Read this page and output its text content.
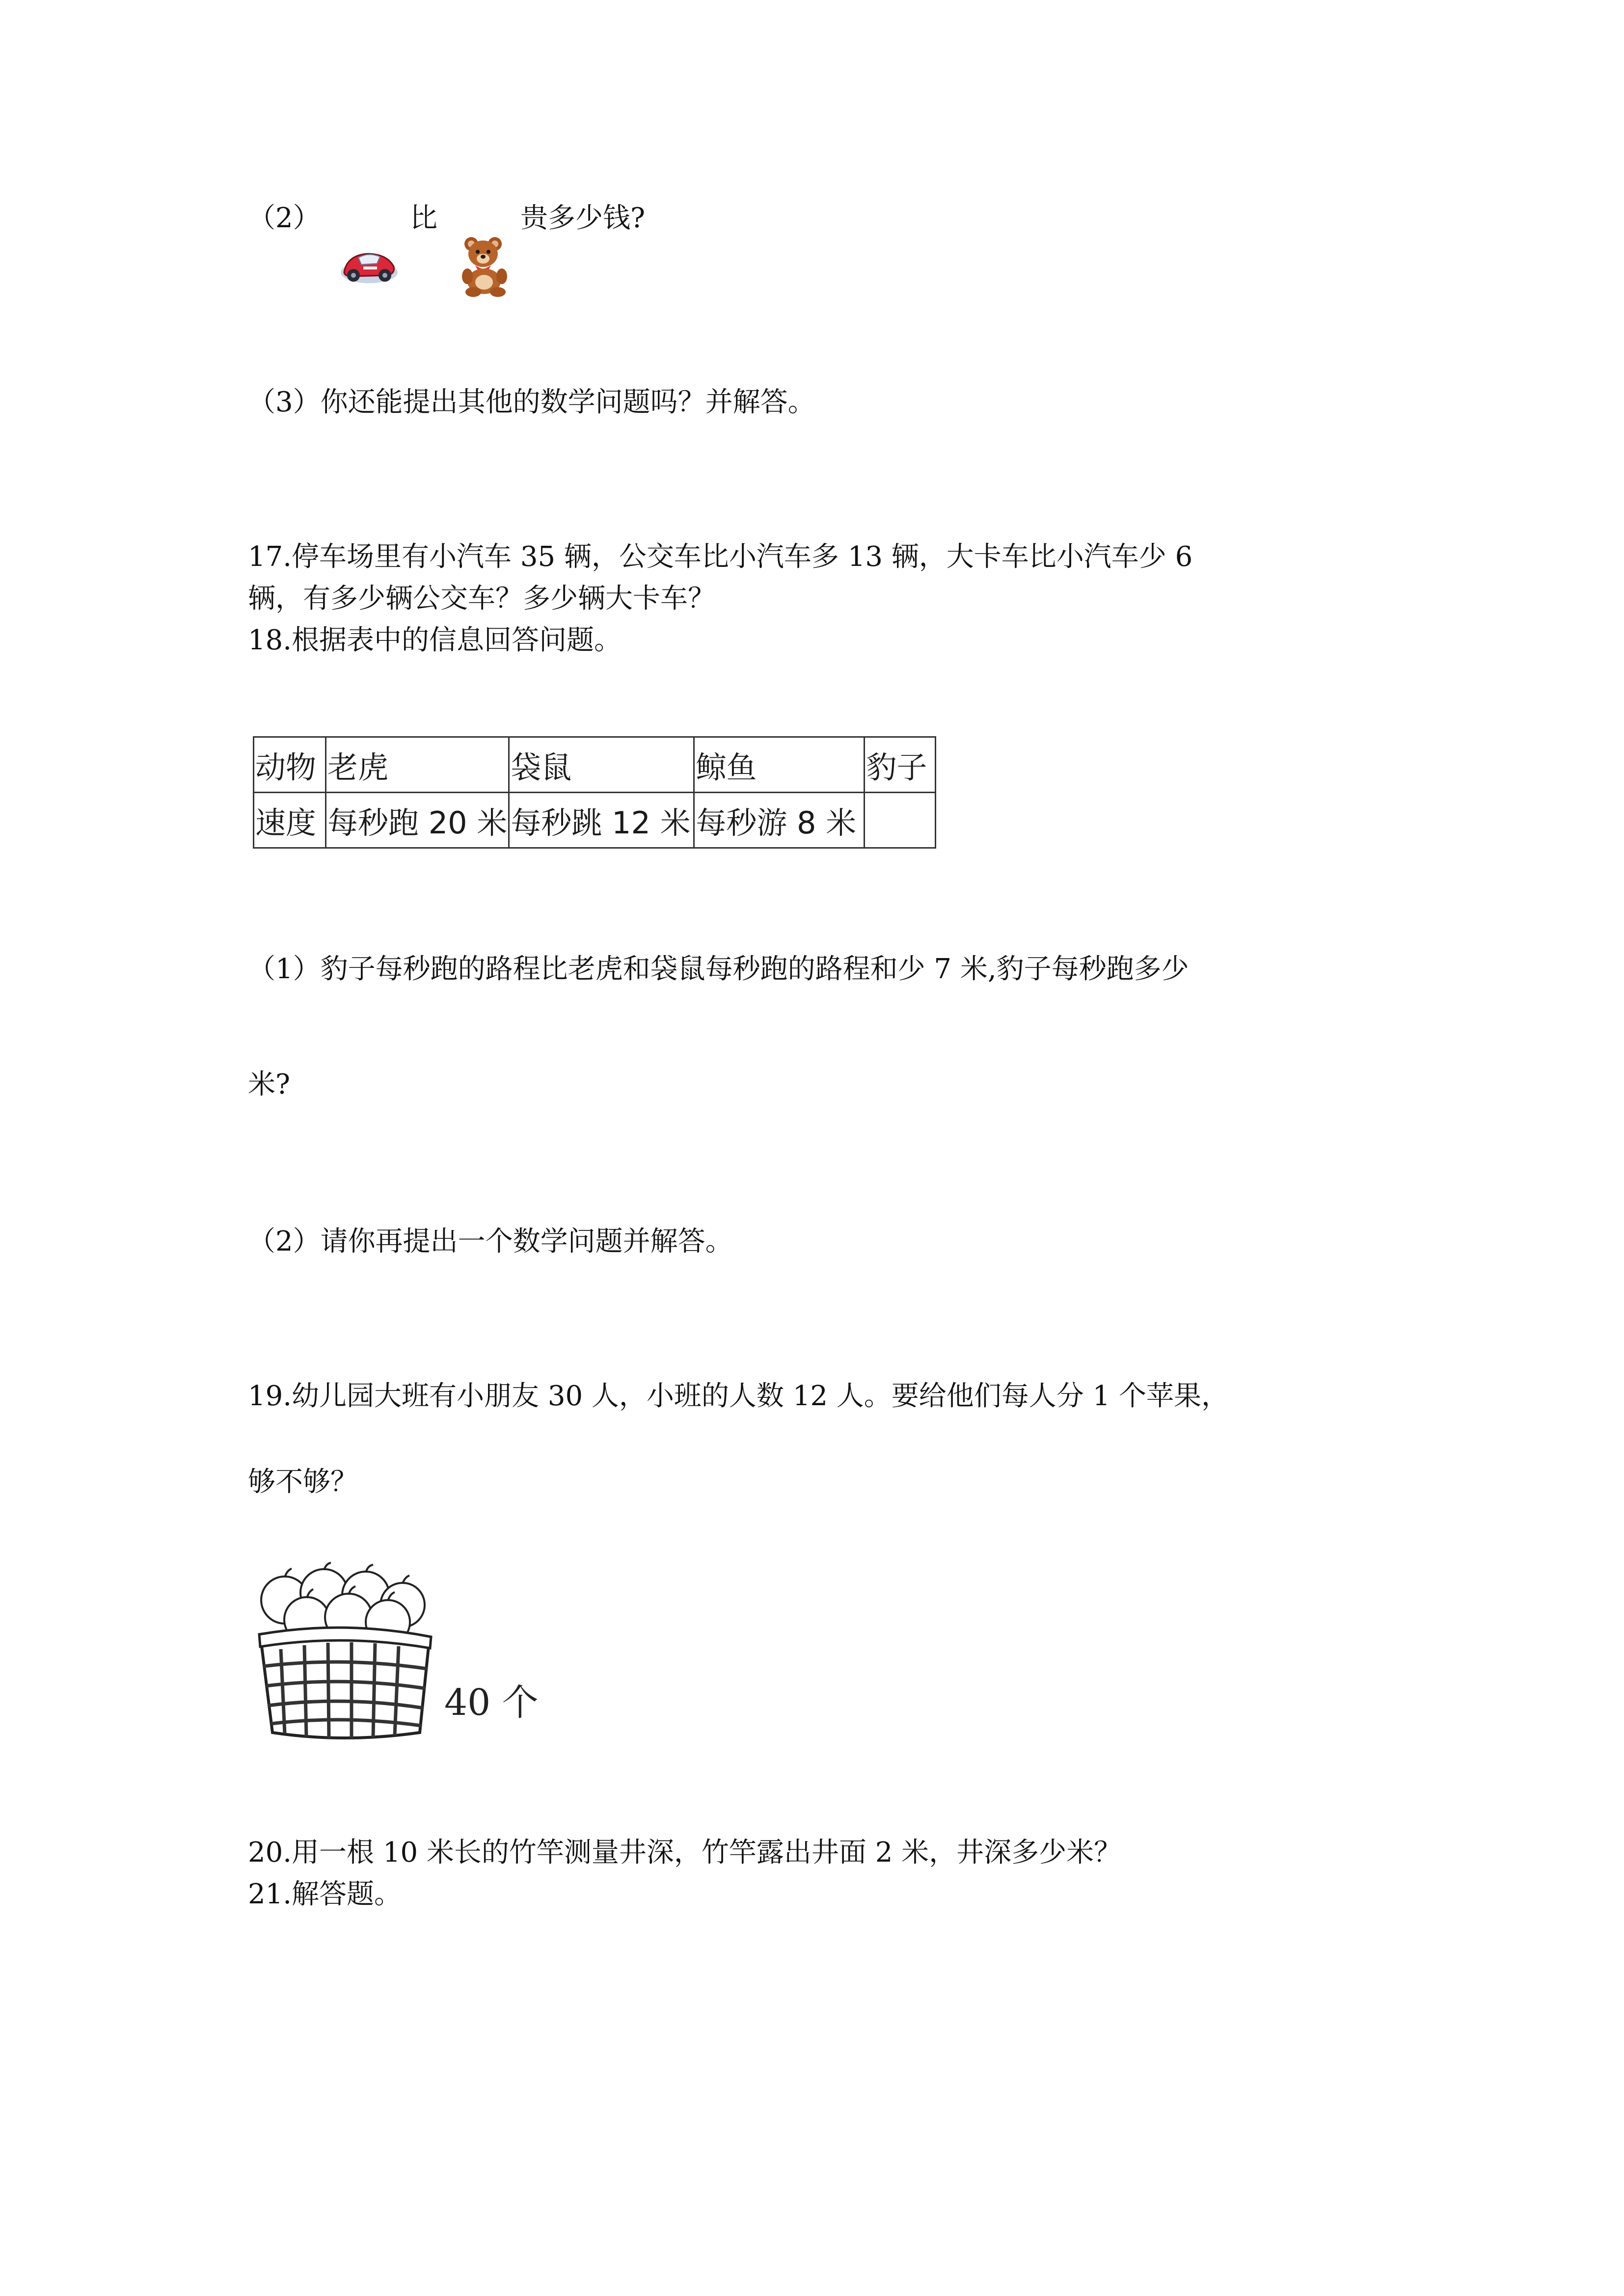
（2）	比	贵多少钱?
（3）你还能提出其他的数学问题吗？并解答。
17.停车场里有小汽车 35 辆，公交车比小汽车多 13 辆，大卡车比小汽车少 6
辆，有多少辆公交车？多少辆大卡车？
18.根据表中的信息回答问题。
动物	老虎	袋鼠	鲸鱼	豹子
速度	每秒跑 20 米	每秒跳 12 米	每秒游 8 米	
（1）豹子每秒跑的路程比老虎和袋鼠每秒跑的路程和少 7 米,豹子每秒跑多少
米?
（2）请你再提出一个数学问题并解答。
19.幼儿园大班有小朋友 30 人，小班的人数 12 人。要给他们每人分 1 个苹果，
够不够？
40 个
20.用一根 10 米长的竹竿测量井深，竹竿露出井面 2 米，井深多少米？
21.解答题。
